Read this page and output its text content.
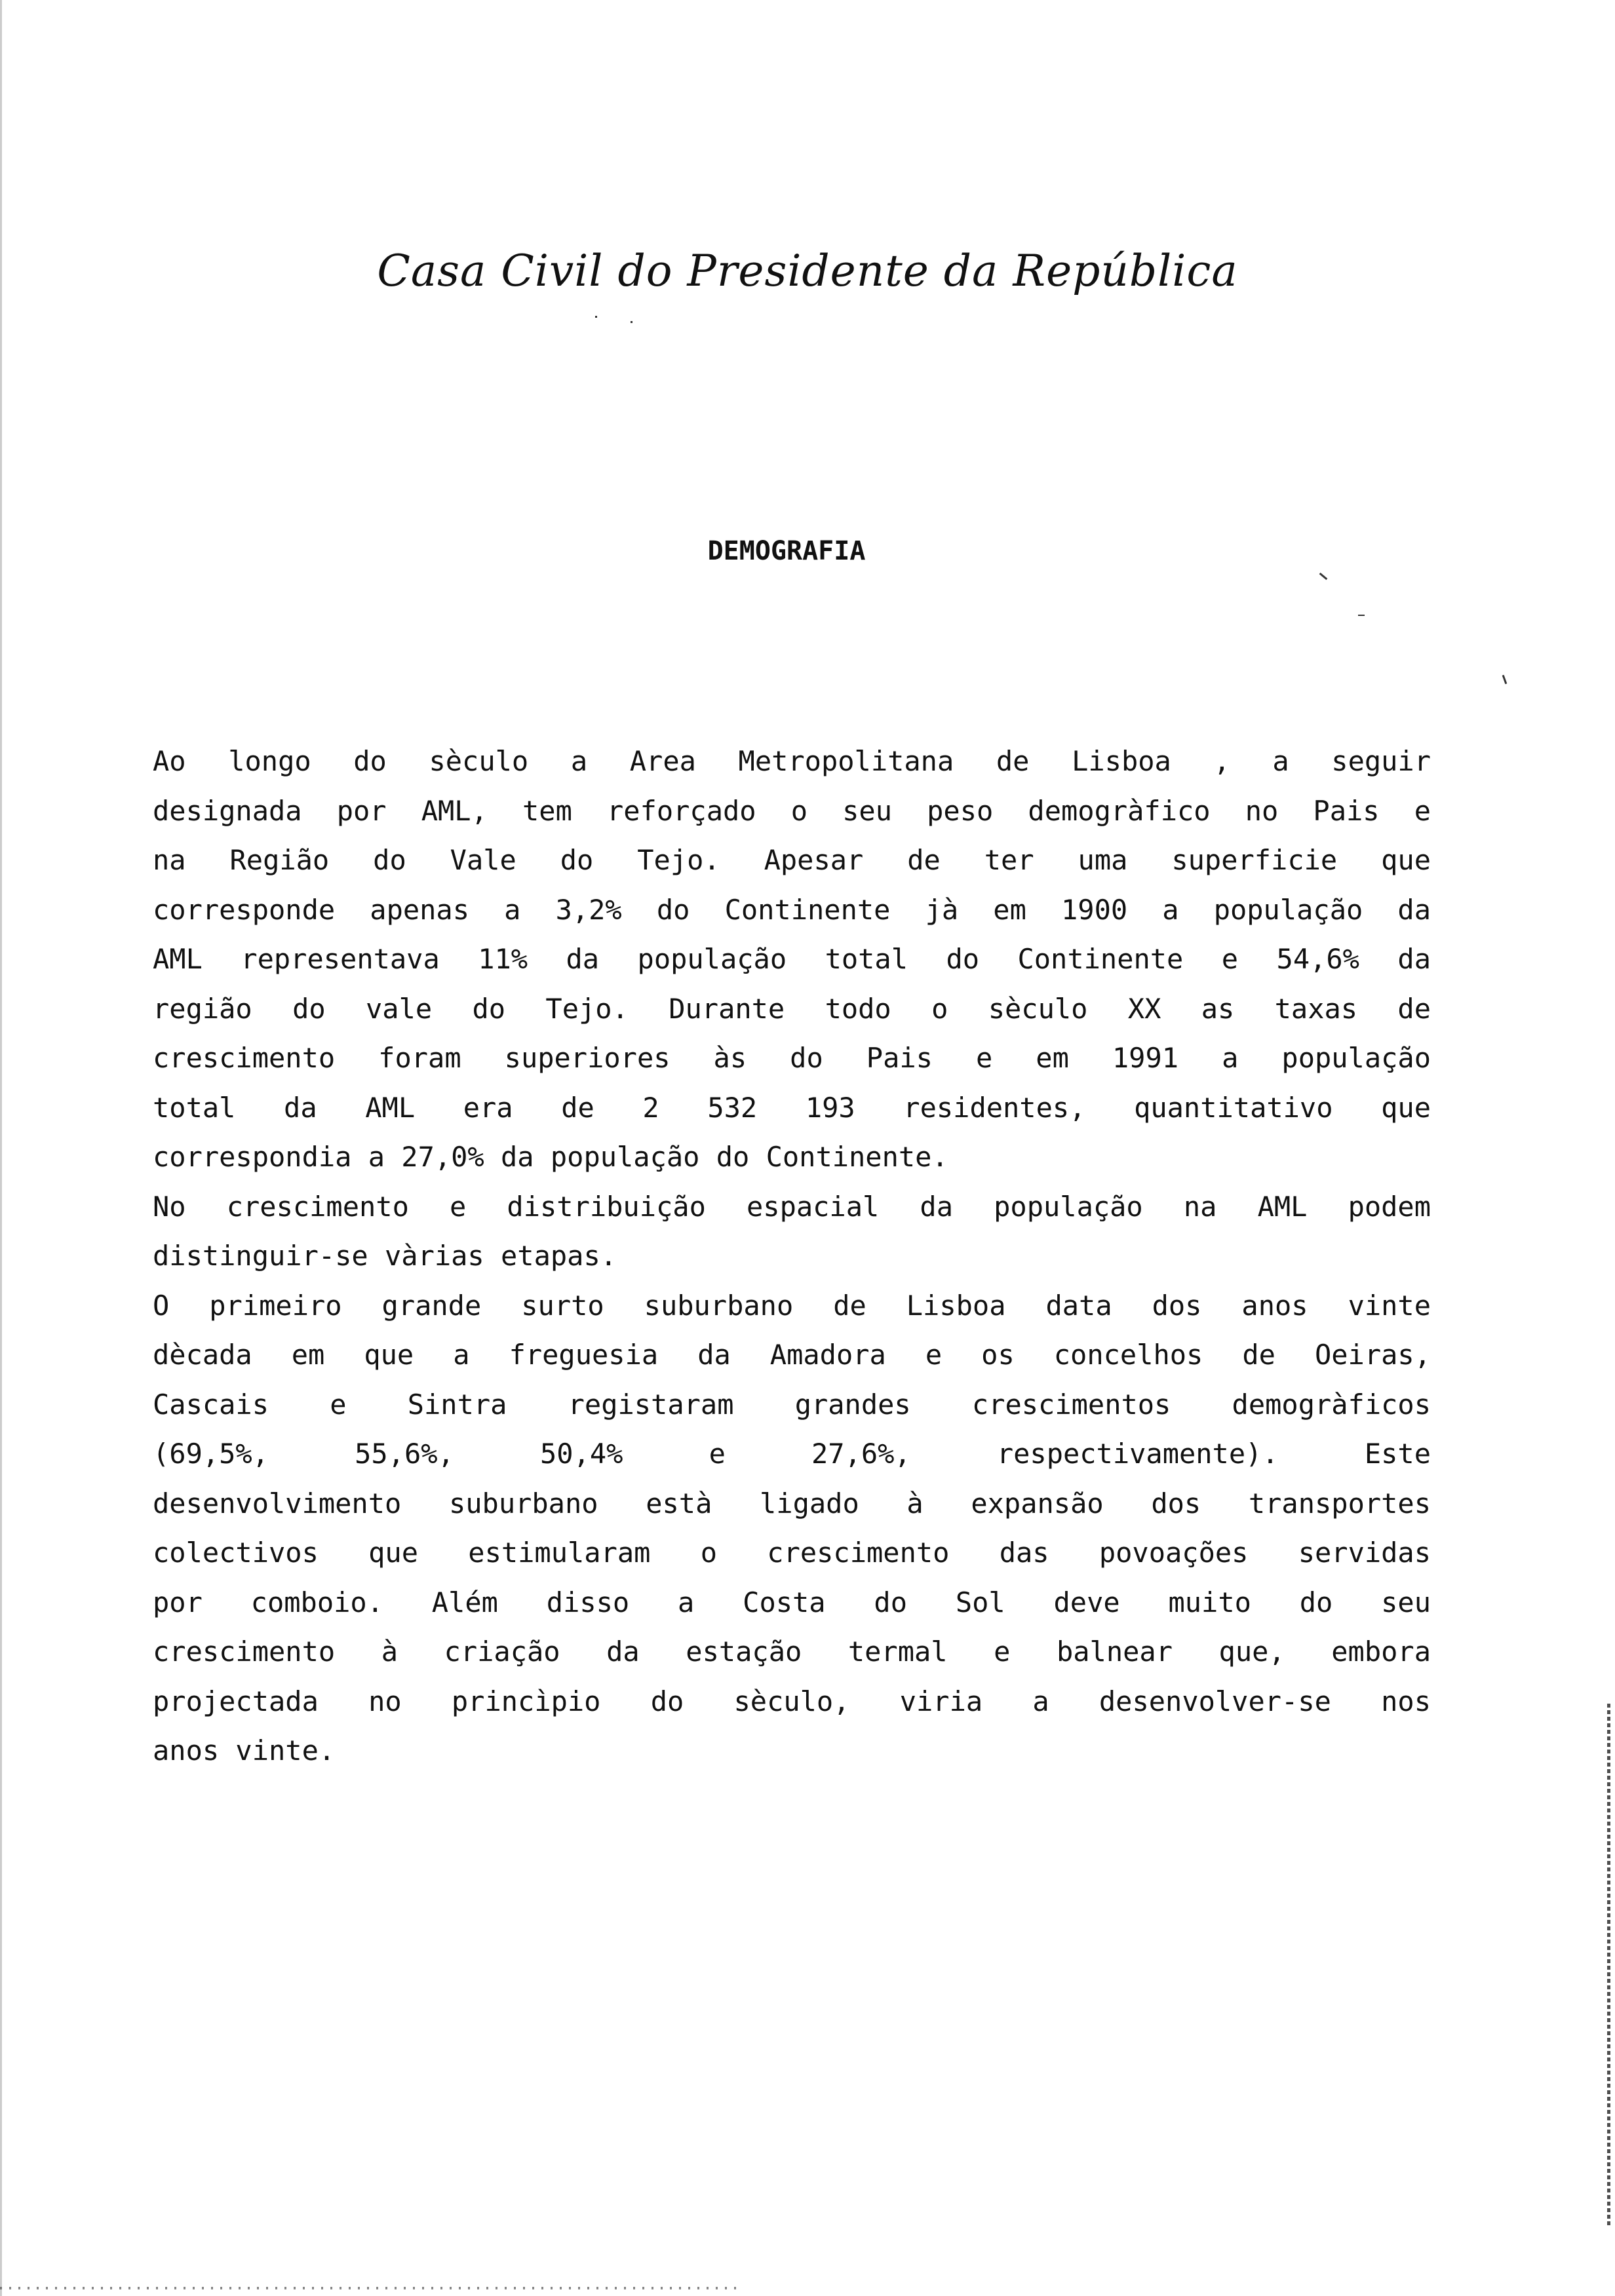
Casa Civil do Presidente da República
DEMOGRAFIA
Ao longo do sèculo a Area Metropolitana de Lisboa , a seguir
designada por AML, tem reforçado o seu peso demogràfico no Pais e
na Região do Vale do Tejo. Apesar de ter uma superficie que
corresponde apenas a 3,2% do Continente jà em 1900 a população da
AML representava 11% da população total do Continente e 54,6% da
região do vale do Tejo. Durante todo o sèculo XX as taxas de
crescimento foram superiores às do Pais e em 1991 a população
total da AML era de 2 532 193 residentes, quantitativo que
correspondia a 27,0% da população do Continente.
No crescimento e distribuição espacial da população na AML podem
distinguir-se vàrias etapas.
O primeiro grande surto suburbano de Lisboa data dos anos vinte
dècada em que a freguesia da Amadora e os concelhos de Oeiras,
Cascais e Sintra registaram grandes crescimentos demogràficos
(69,5%, 55,6%, 50,4% e 27,6%, respectivamente). Este
desenvolvimento suburbano està ligado à expansão dos transportes
colectivos que estimularam o crescimento das povoações servidas
por comboio. Além disso a Costa do Sol deve muito do seu
crescimento à criação da estação termal e balnear que, embora
projectada no princìpio do sèculo, viria a desenvolver-se nos
anos vinte.
